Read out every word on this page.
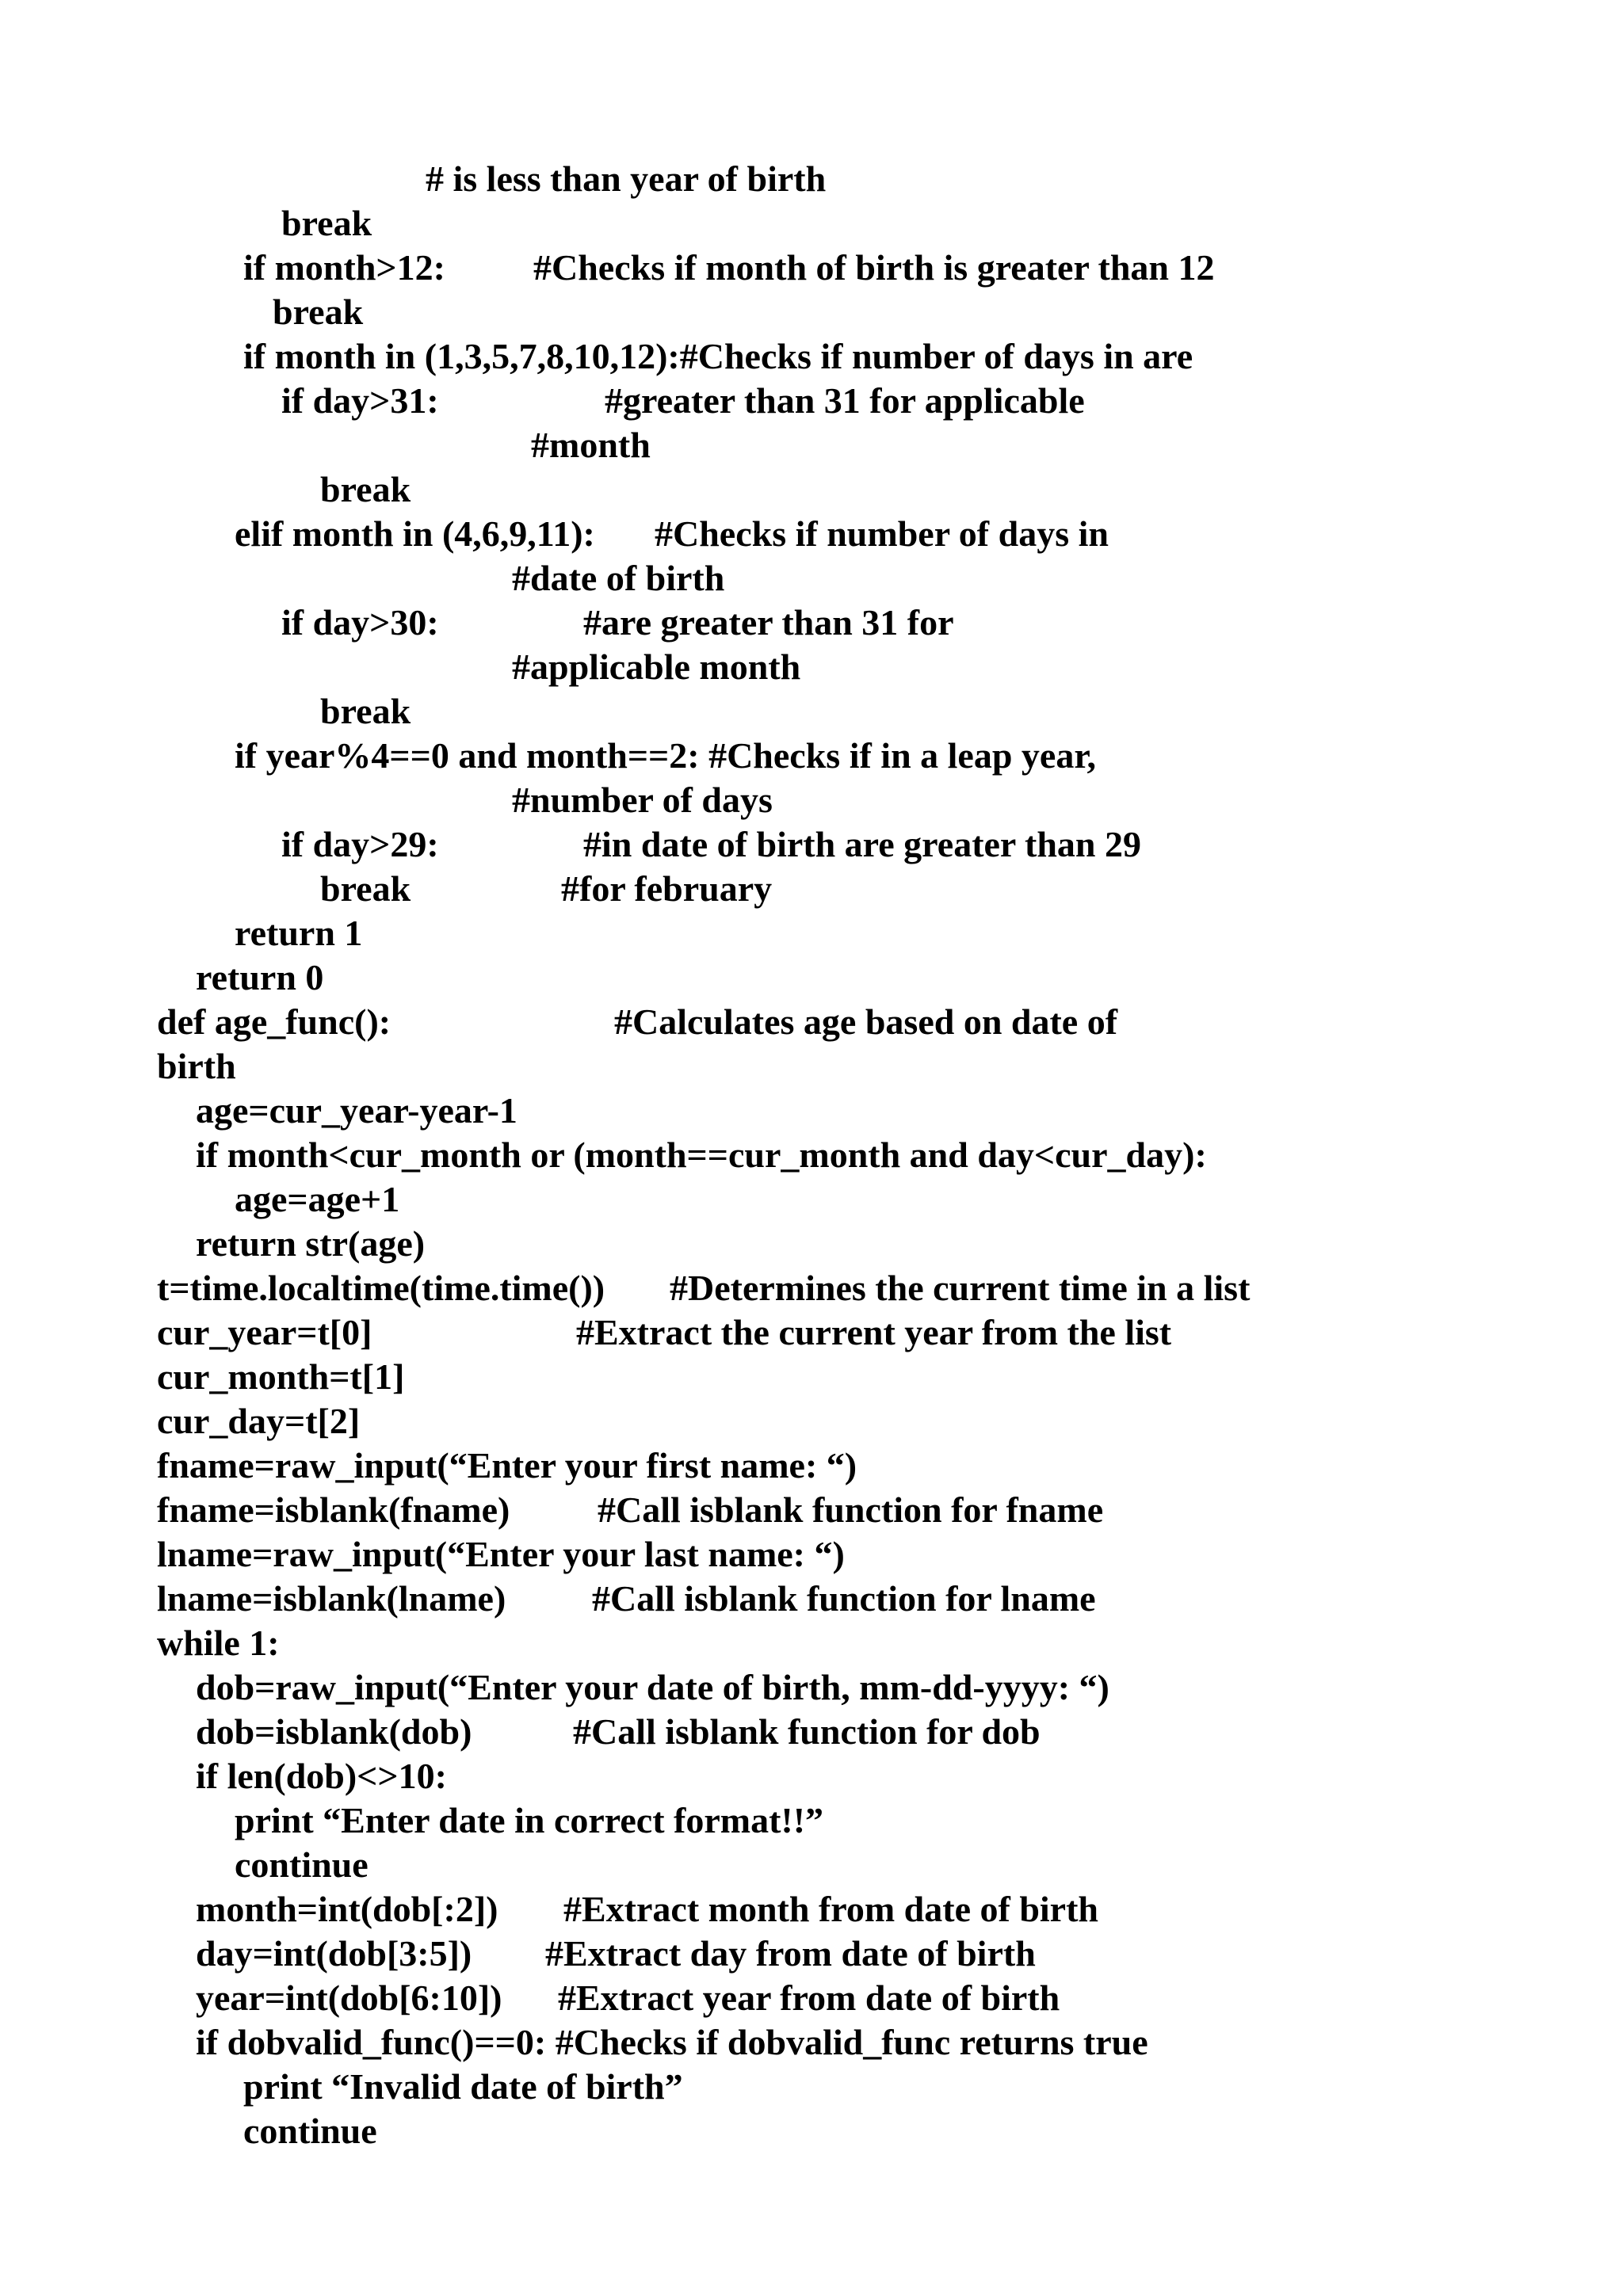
# is less than year of birth
break
if month>12: #Checks if month of birth is greater than 12
break
if month in (1,3,5,7,8,10,12):#Checks if number of days in are
if day>31:	#greater than 31 for applicable
#month
break
elif month in (4,6,9,11): #Checks if number of days in
#date of birth
if day>30:	#are greater than 31 for
#applicable month
break
if year%4==0 and month==2: #Checks if in a leap year,
#number of days
if day>29:	#in date of birth are greater than 29
break	#for february
return 1
return 0
def age_func():	#Calculates age based on date of
birth
age=cur_year-year-1
if month<cur_month or (month==cur_month and day<cur_day):
age=age+1
return str(age)
t=time.localtime(time.time()) #Determines the current time in a list
cur_year=t[0]	#Extract the current year from the list
cur_month=t[1]
cur_day=t[2]
fname=raw_input(“Enter your first name: “)
fname=isblank(fname) #Call isblank function for fname
lname=raw_input(“Enter your last name: “)
lname=isblank(lname) #Call isblank function for lname
while 1:
dob=raw_input(“Enter your date of birth, mm-dd-yyyy: “)
dob=isblank(dob)	#Call isblank function for dob
if len(dob)<>10:
print “Enter date in correct format!!”
continue
month=int(dob[:2]) #Extract month from date of birth
day=int(dob[3:5]) #Extract day from date of birth
year=int(dob[6:10]) #Extract year from date of birth
if dobvalid_func()==0: #Checks if dobvalid_func returns true
print “Invalid date of birth”
continue
